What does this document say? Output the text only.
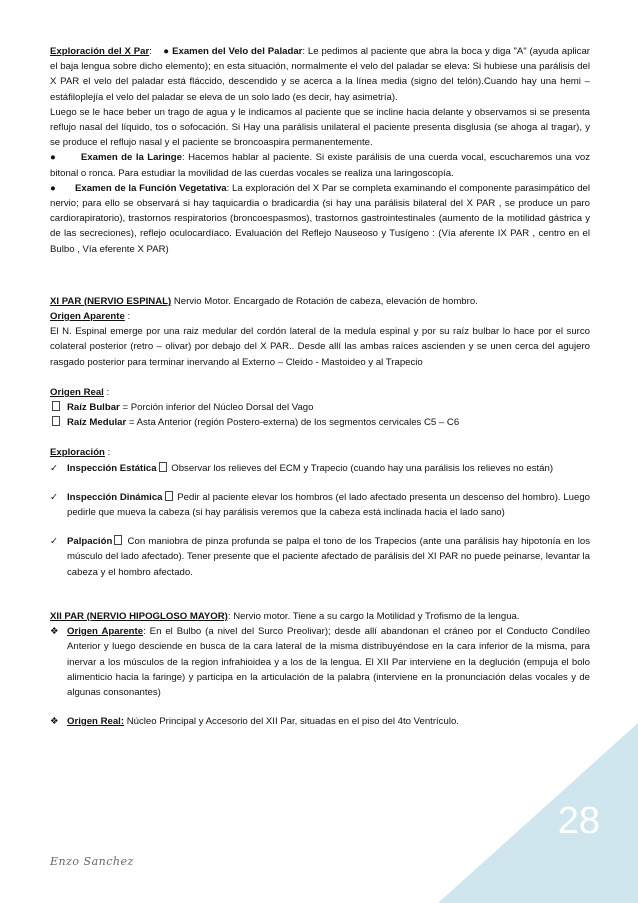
Exploración del X Par:    ● Examen del Velo del Paladar: Le pedimos al paciente que abra la boca y diga "A" (ayuda aplicar el baja lengua sobre dicho elemento); en esta situación, normalmente el velo del paladar se eleva: Si hubiese una parálisis del X PAR el velo del paladar está fláccido, descendido y se acerca a la línea media (signo del telón).Cuando hay una hemi – estáfiloplejía el velo del paladar se eleva de un solo lado (es decir, hay asimetría).

Luego se le hace beber un trago de agua y le indicamos al paciente que se incline hacia delante y observamos si se presenta reflujo nasal del líquido, tos o sofocación. Si Hay una parálisis unilateral el paciente presenta disglusia (se ahoga al tragar), y se produce el reflujo nasal y el paciente se broncoaspira permanentemente.

●	Examen de la Laringe: Hacemos hablar al paciente. Si existe parálisis de una cuerda vocal, escucharemos una voz bitonal o ronca. Para estudiar la movilidad de las cuerdas vocales se realiza una laringoscopía.

● Examen de la Función Vegetativa: La exploración del X Par se completa examinando el componente parasimpático del nervio; para ello se observará si hay taquicardia o bradicardia (si hay una parálisis bilateral del X PAR , se produce un paro cardiorapiratorio), trastornos respiratorios (broncoespasmos), trastornos gastrointestinales (aumento de la motilidad gástrica y de las secreciones), reflejo oculocardíaco. Evaluación del Reflejo Nauseoso y Tusígeno : (Vía aferente IX PAR , centro en el Bulbo , Vía eferente X PAR)

XI PAR (NERVIO ESPINAL) Nervio Motor. Encargado de Rotación de cabeza, elevación de hombro.

Origen Aparente :

El N. Espinal emerge por una raiz medular del cordón lateral de la medula espinal y por su raíz bulbar lo hace por el surco colateral posterior (retro – olivar) por debajo del X PAR.. Desde allí las ambas raíces ascienden y se unen cerca del agujero rasgado posterior para terminar inervando al Externo – Cleido - Mastoideo y al Trapecio

Origen Real :

Raíz Bulbar = Porción inferior del Núcleo Dorsal del Vago
Raíz Medular = Asta Anterior (región Postero-externa) de los segmentos cervicales C5 – C6

Exploración :

✓ Inspección Estática Observar los relieves del ECM y Trapecio (cuando hay una parálisis los relieves no están)
✓ Inspección Dinámica Pedir al paciente elevar los hombros (el lado afectado presenta un descenso del hombro). Luego pedirle que mueva la cabeza (si hay parálisis veremos que la cabeza está inclinada hacia el lado sano)
✓ Palpación Con maniobra de pinza profunda se palpa el tono de los Trapecios (ante una parálisis hay hipotonía en los músculo del lado afectado). Tener presente que el paciente afectado de parálisis del XI PAR no puede peinarse, levantar la cabeza y el hombro afectado.

XII PAR (NERVIO HIPOGLOSO MAYOR): Nervio motor. Tiene a su cargo la Motilidad y Trofismo de la lengua.

❖ Origen Aparente: En el Bulbo (a nivel del Surco Preolivar); desde allí abandonan el cráneo por el Conducto Condíleo Anterior y luego desciende en busca de la cara lateral de la misma distribuyéndose en la cara inferior de la misma, para inervar a los músculos de la region infrahioidea y a los de la lengua. El XII Par interviene en la deglución (empuja el bolo alimenticio hacia la faringe) y participa en la articulación de la palabra (interviene en la pronunciación delas vocales y de algunas consonantes)
❖ Origen Real: Núcleo Principal y Accesorio del XII Par, situadas en el piso del 4to Ventrículo.
28
Enzo Sanchez
